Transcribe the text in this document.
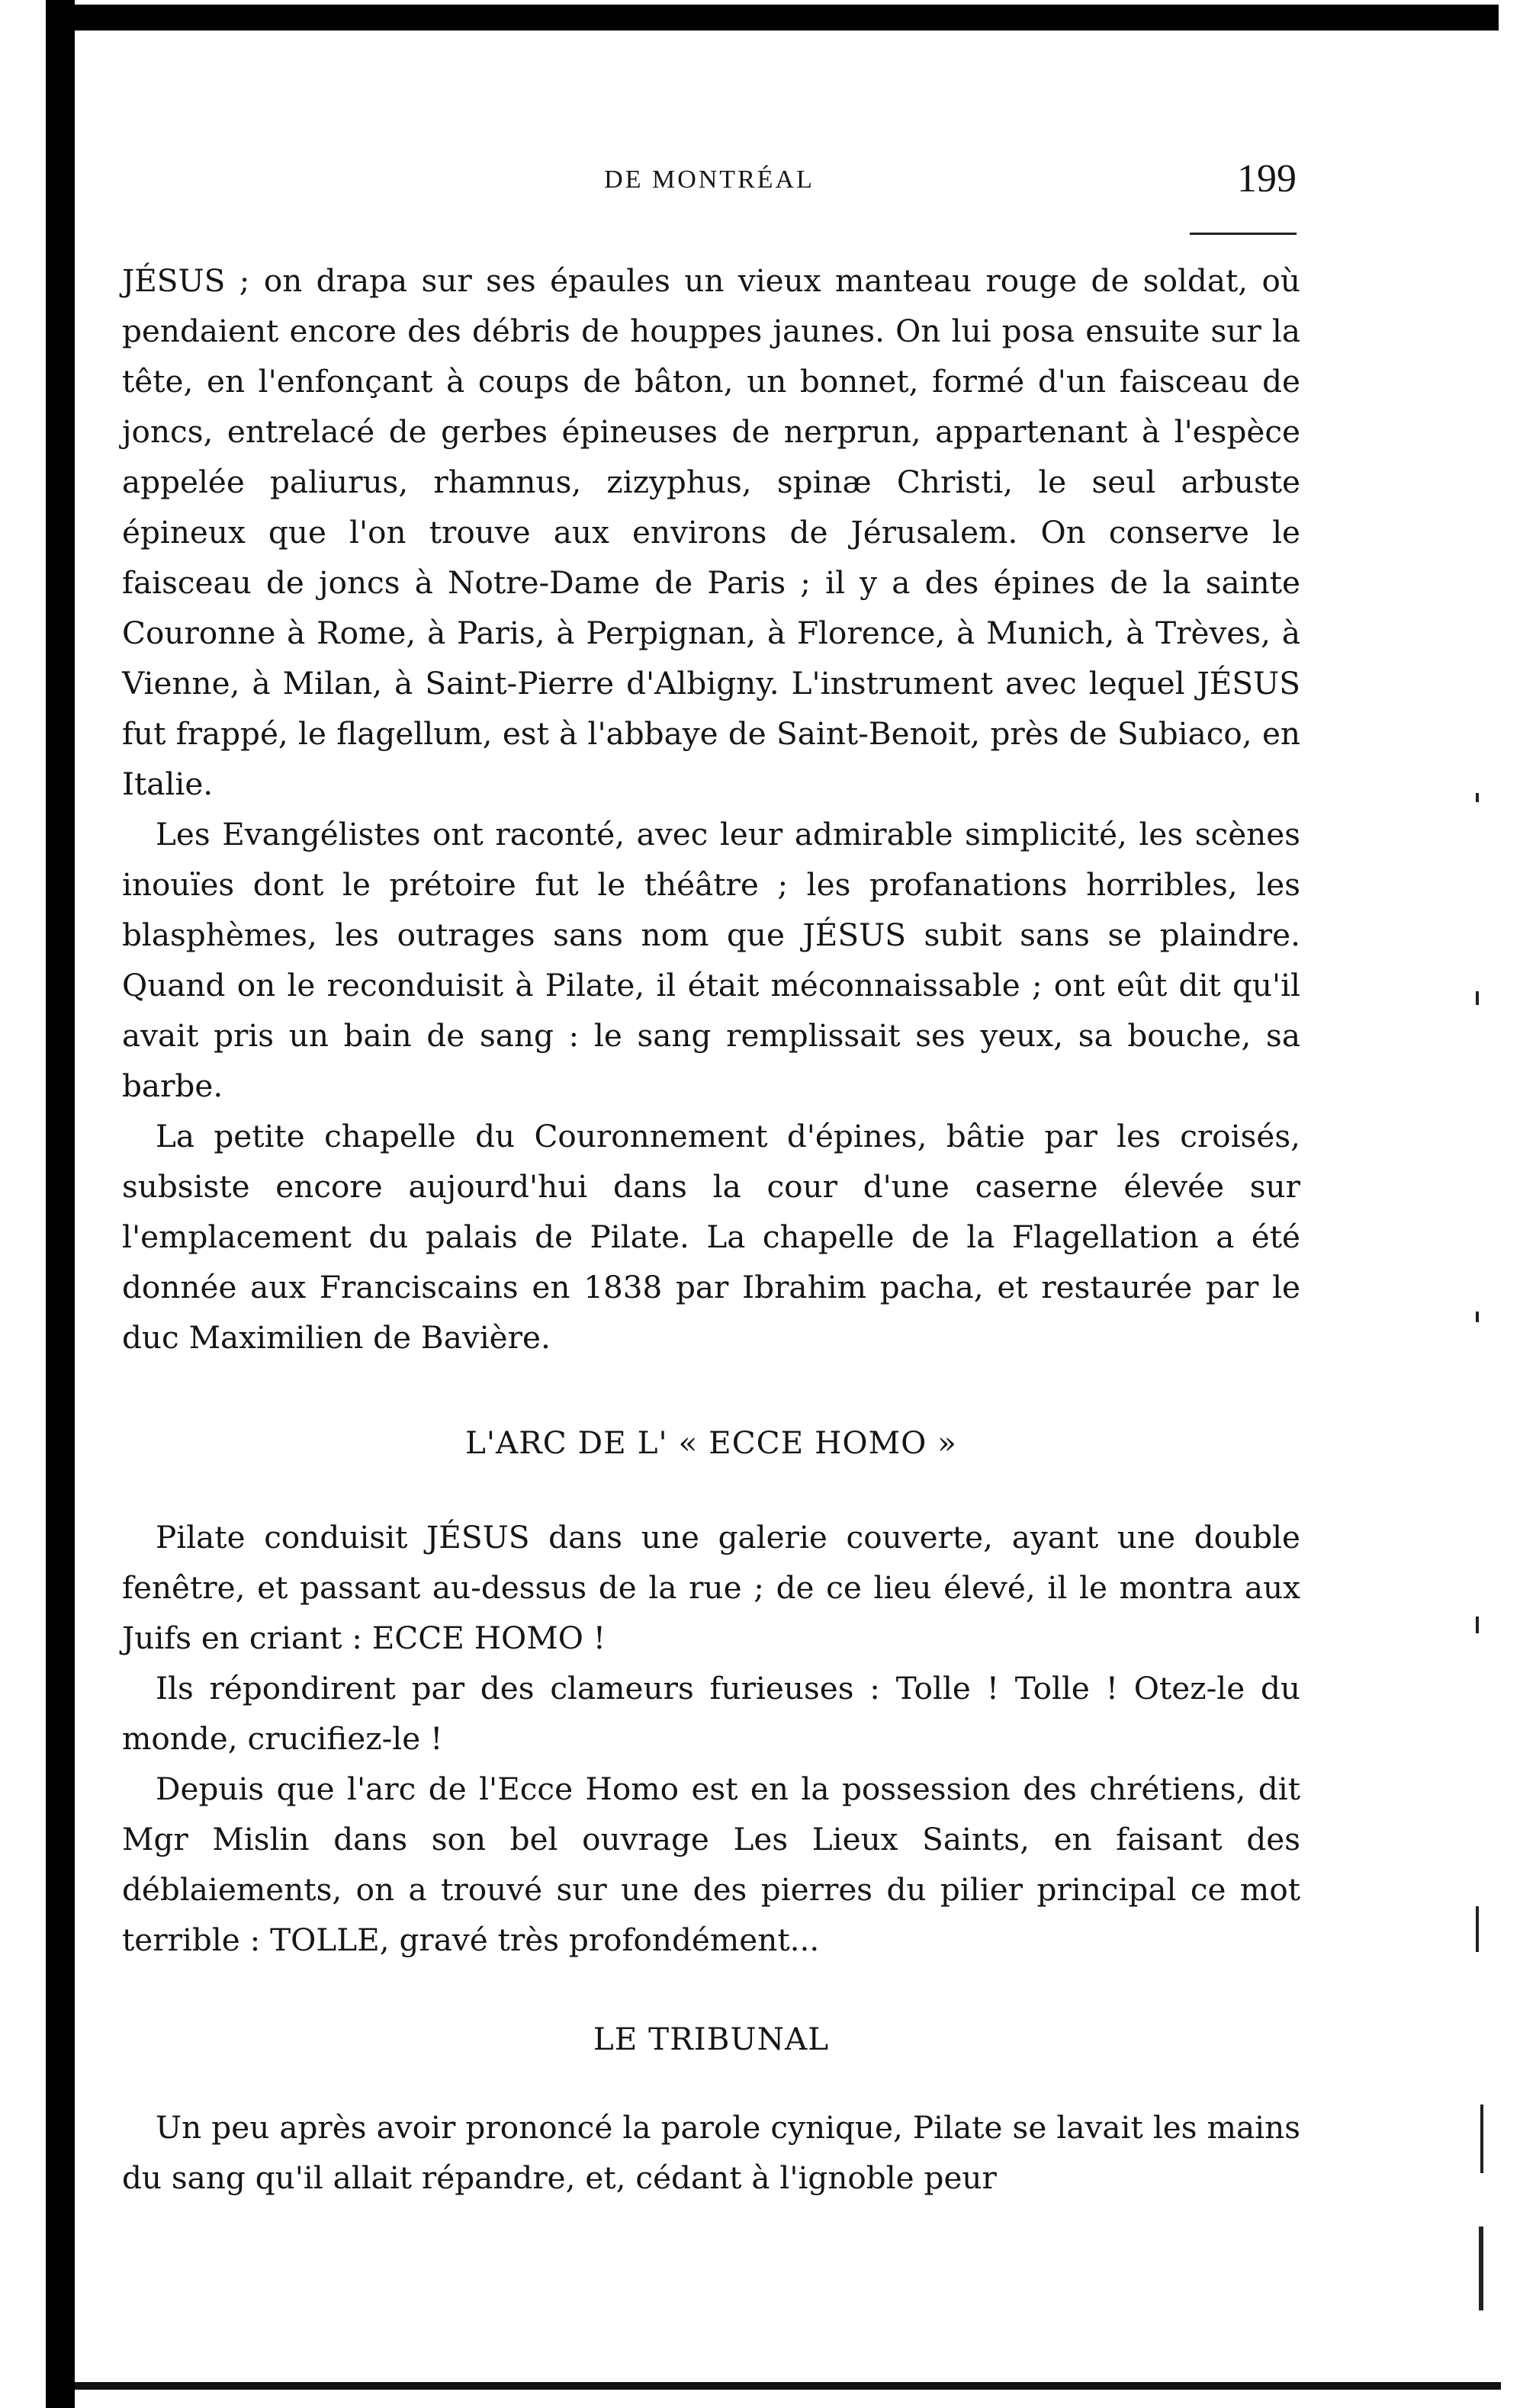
DE MONTRÉAL	199

JÉSUS ; on drapa sur ses épaules un vieux manteau rouge de soldat, où pendaient encore des débris de houppes jaunes. On lui posa ensuite sur la tête, en l'enfonçant à coups de bâton, un bonnet, formé d'un faisceau de joncs, entrelacé de gerbes épineuses de nerprun, appartenant à l'espèce appelée paliurus, rhamnus, zizyphus, spinæ Christi, le seul arbuste épineux que l'on trouve aux environs de Jérusalem. On conserve le faisceau de joncs à Notre-Dame de Paris ; il y a des épines de la sainte Couronne à Rome, à Paris, à Perpignan, à Florence, à Munich, à Trèves, à Vienne, à Milan, à Saint-Pierre d'Albigny. L'instrument avec lequel JÉSUS fut frappé, le flagellum, est à l'abbaye de Saint-Benoit, près de Subiaco, en Italie.

Les Evangélistes ont raconté, avec leur admirable simplicité, les scènes inouïes dont le prétoire fut le théâtre ; les profanations horribles, les blasphèmes, les outrages sans nom que JÉSUS subit sans se plaindre. Quand on le reconduisit à Pilate, il était méconnaissable ; ont eût dit qu'il avait pris un bain de sang : le sang remplissait ses yeux, sa bouche, sa barbe.

La petite chapelle du Couronnement d'épines, bâtie par les croisés, subsiste encore aujourd'hui dans la cour d'une caserne élevée sur l'emplacement du palais de Pilate. La chapelle de la Flagellation a été donnée aux Franciscains en 1838 par Ibrahim pacha, et restaurée par le duc Maximilien de Bavière.

L'ARC DE L' « ECCE HOMO »

Pilate conduisit JÉSUS dans une galerie couverte, ayant une double fenêtre, et passant au-dessus de la rue ; de ce lieu élevé, il le montra aux Juifs en criant : ECCE HOMO !

Ils répondirent par des clameurs furieuses : Tolle ! Tolle ! Otez-le du monde, crucifiez-le !

Depuis que l'arc de l'Ecce Homo est en la possession des chrétiens, dit Mgr Mislin dans son bel ouvrage Les Lieux Saints, en faisant des déblaiements, on a trouvé sur une des pierres du pilier principal ce mot terrible : TOLLE, gravé très profondément...

LE TRIBUNAL

Un peu après avoir prononcé la parole cynique, Pilate se lavait les mains du sang qu'il allait répandre, et, cédant à l'ignoble peur
